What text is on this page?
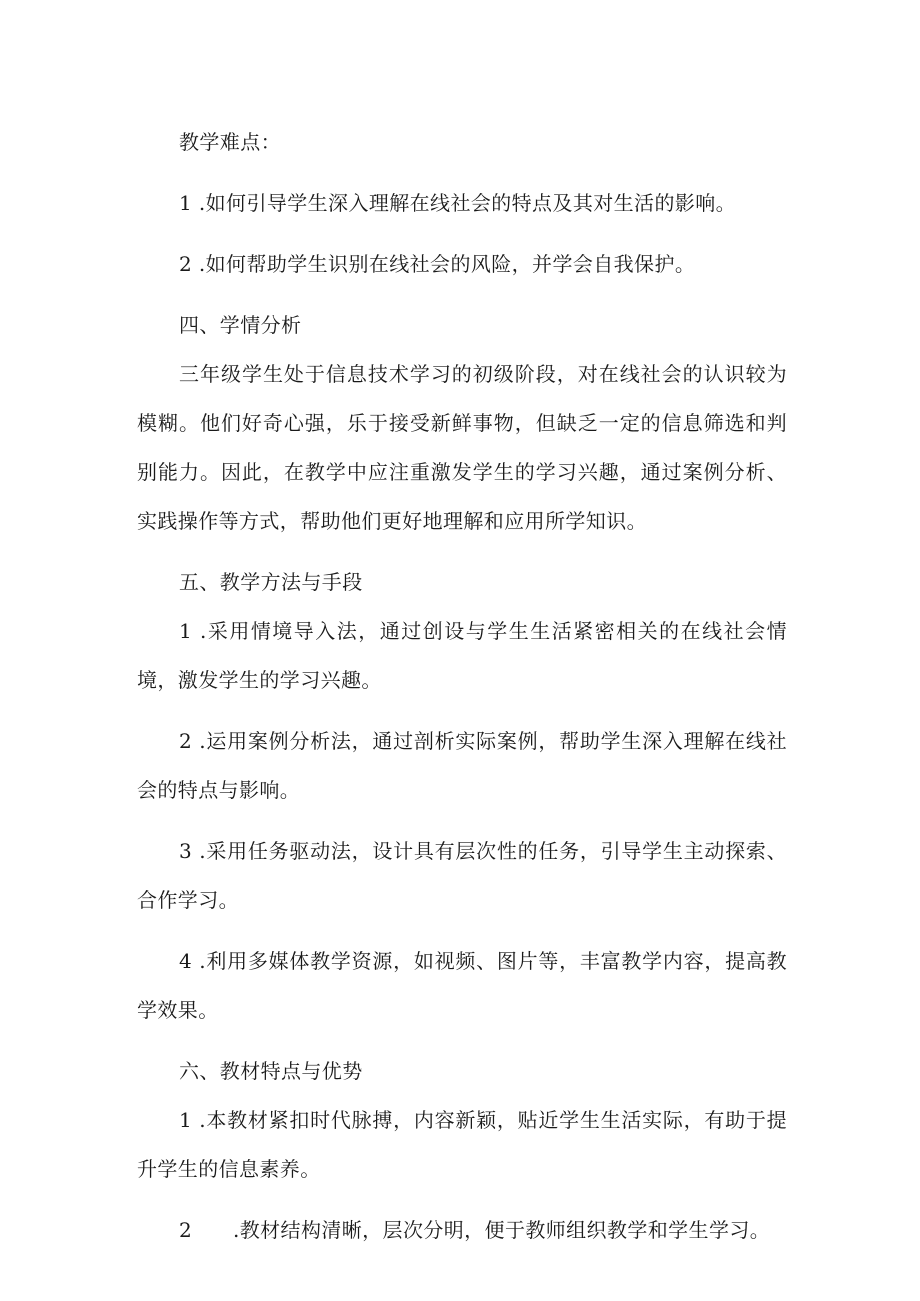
教学难点：

1 .如何引导学生深入理解在线社会的特点及其对生活的影响。

2 .如何帮助学生识别在线社会的风险，并学会自我保护。

四、学情分析

三年级学生处于信息技术学习的初级阶段，对在线社会的认识较为模糊。他们好奇心强，乐于接受新鲜事物，但缺乏一定的信息筛选和判别能力。因此，在教学中应注重激发学生的学习兴趣，通过案例分析、实践操作等方式，帮助他们更好地理解和应用所学知识。

五、教学方法与手段

1 .采用情境导入法，通过创设与学生生活紧密相关的在线社会情境，激发学生的学习兴趣。

2 .运用案例分析法，通过剖析实际案例，帮助学生深入理解在线社会的特点与影响。

3 .采用任务驱动法，设计具有层次性的任务，引导学生主动探索、合作学习。

4 .利用多媒体教学资源，如视频、图片等，丰富教学内容，提高教学效果。

六、教材特点与优势

1 .本教材紧扣时代脉搏，内容新颖，贴近学生生活实际，有助于提升学生的信息素养。

2 .教材结构清晰，层次分明，便于教师组织教学和学生学习。
